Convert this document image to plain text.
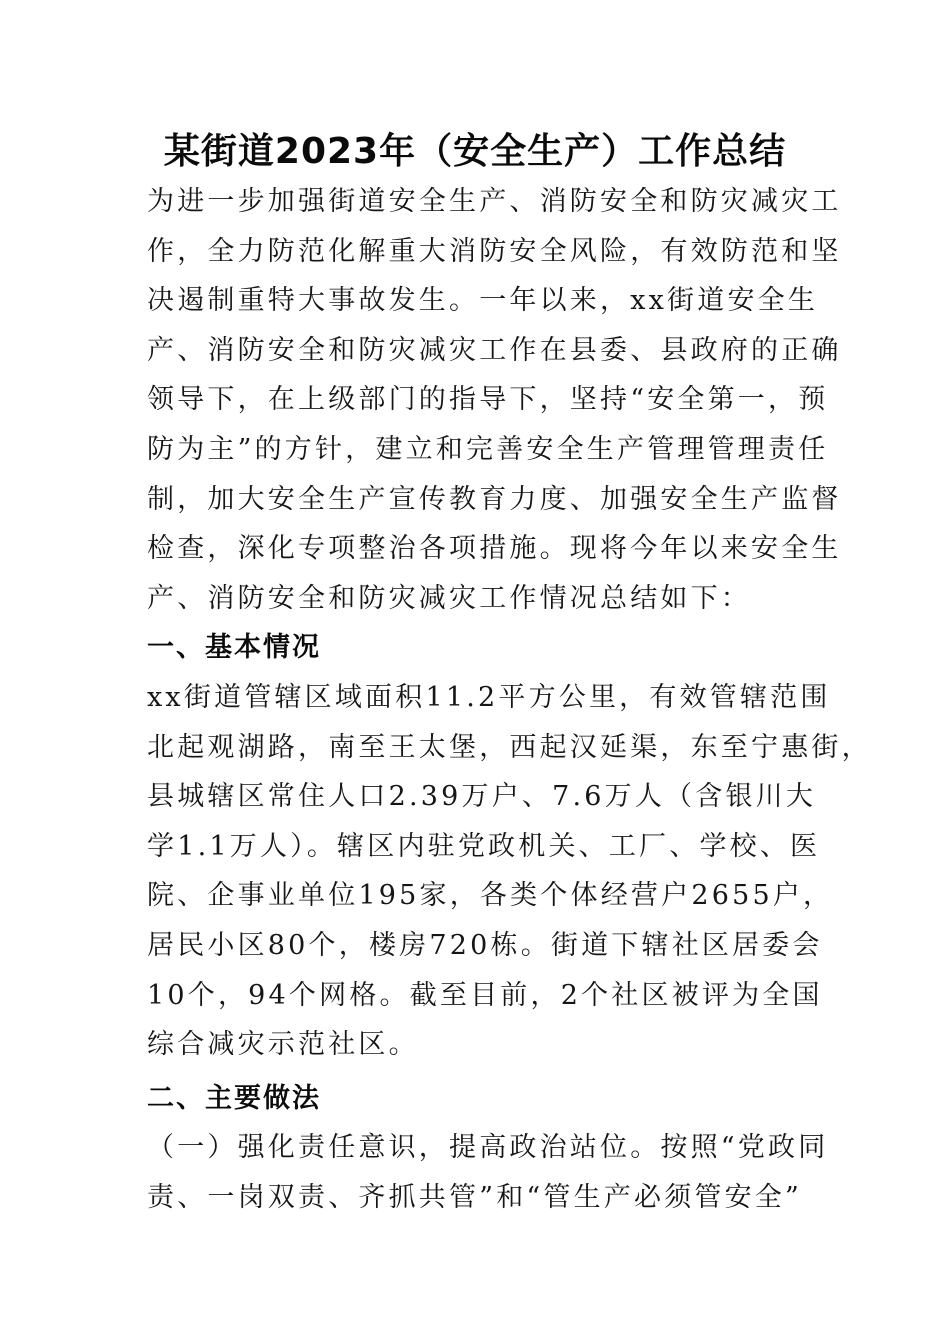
某街道2023年（安全生产）工作总结
为进一步加强街道安全生产、消防安全和防灾减灾工
作，全力防范化解重大消防安全风险，有效防范和坚
决遏制重特大事故发生。一年以来，xx街道安全生
产、消防安全和防灾减灾工作在县委、县政府的正确
领导下，在上级部门的指导下，坚持“安全第一，预
防为主”的方针，建立和完善安全生产管理管理责任
制，加大安全生产宣传教育力度、加强安全生产监督
检查，深化专项整治各项措施。现将今年以来安全生
产、消防安全和防灾减灾工作情况总结如下：
一、基本情况
xx街道管辖区域面积11.2平方公里，有效管辖范围
北起观湖路，南至王太堡，西起汉延渠，东至宁惠街，
县城辖区常住人口2.39万户、7.6万人（含银川大
学1.1万人）。辖区内驻党政机关、工厂、学校、医
院、企事业单位195家，各类个体经营户2655户，
居民小区80个，楼房720栋。街道下辖社区居委会
10个，94个网格。截至目前，2个社区被评为全国
综合减灾示范社区。
二、主要做法
（一）强化责任意识，提高政治站位。按照“党政同
责、一岗双责、齐抓共管”和“管生产必须管安全”
